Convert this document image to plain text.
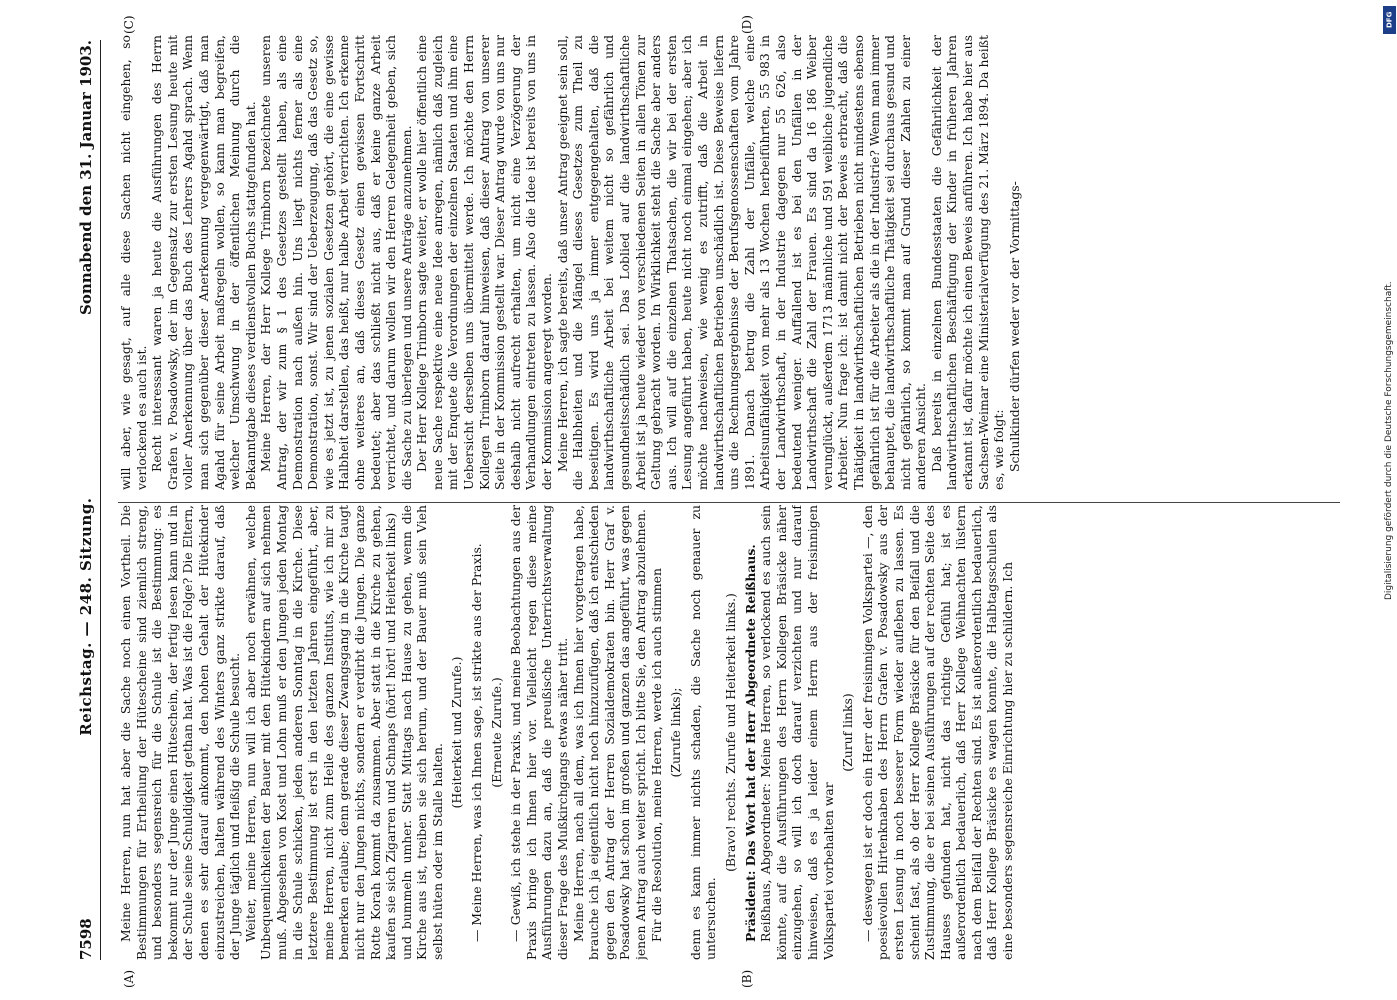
7598
Reichstag. — 248. Sitzung.
Sonnabend den 31. Januar 1903.
(A)	(B)
(C)	(D)

Meine Herren, nun hat aber die Sache noch einen Vortheil. Die Bestimmungen für Ertheilung der Hütescheine sind ziemlich streng, und besonders segensreich für die Schule ist die Bestimmung: es bekommt nur der Junge einen Hüteschein, der fertig lesen kann und in der Schule seine Schuldigkeit gethan hat. Was ist die Folge? Die Eltern, denen es sehr darauf ankommt, den hohen Gehalt der Hütekinder einzustreichen, halten während des Winters ganz strikte darauf, daß der Junge täglich und fleißig die Schule besucht. Weiter, meine Herren, nun will ich aber noch erwähnen, welche Unbequemlichkeiten der Bauer mit den Hütekindern auf sich nehmen muß. Abgesehen von Kost und Lohn muß er den Jungen jeden Montag in die Schule schicken, jeden anderen Sonntag in die Kirche. Diese letztere Bestimmung ist erst in den letzten Jahren eingeführt, aber, meine Herren, nicht zum Heile des ganzen Instituts, wie ich mir zu bemerken erlaube; denn gerade dieser Zwangsgang in die Kirche taugt nicht nur den Jungen nichts, sondern er verdirbt die Jungen. Die ganze Rotte Korah kommt da zusammen. Aber statt in die Kirche zu gehen, kaufen sie sich Zigarren und Schnaps (hört! hört! und Heiterkeit links) und bummeln umher. Statt Mittags nach Hause zu gehen, wenn die Kirche aus ist, treiben sie sich herum, und der Bauer muß sein Vieh selbst hüten oder im Stalle halten.

(Heiterkeit und Zurufe.) — Meine Herren, was ich Ihnen sage, ist strikte aus der Praxis. (Erneute Zurufe.) — Gewiß, ich stehe in der Praxis, und meine Beobachtungen aus der Praxis bringe ich Ihnen hier vor. Vielleicht regen diese meine Ausführungen dazu an, daß die preußische Unterrichtsverwaltung dieser Frage des Mußkirchgangs etwas näher tritt. Meine Herren, nach all dem, was ich Ihnen hier vorgetragen habe, brauche ich ja eigentlich nicht noch hinzuzufügen, daß ich entschieden gegen den Antrag der Herren Sozialdemokraten bin. Herr Graf v. Posadowsky hat schon im großen und ganzen das angeführt, was gegen jenen Antrag auch weiter spricht. Ich bitte Sie, den Antrag abzulehnen. Für die Resolution, meine Herren, werde ich auch stimmen (Zurufe links); denn es kann immer nichts schaden, die Sache noch genauer zu untersuchen.

(Bravo! rechts. Zurufe und Heiterkeit links.) Präsident: Das Wort hat der Herr Abgeordnete Reißhaus. Reißhaus, Abgeordneter: Meine Herren, so verlockend es auch sein könnte, auf die Ausführungen des Herrn Kollegen Bräsicke näher einzugehen, so will ich doch darauf verzichten und nur darauf hinweisen, daß es ja leider einem Herrn aus der freisinnigen Volkspartei vorbehalten war

(Zuruf links) — deswegen ist er doch ein Herr der freisinnigen Volkspartei —, den poesievollen Hirtenknaben des Herrn Grafen v. Posadowsky aus der ersten Lesung in noch besserer Form wieder aufleben zu lassen. Es scheint fast, als ob der Herr Kollege Bräsicke für den Beifall und die Zustimmung, die er bei seinen Ausführungen auf der rechten Seite des Hauses gefunden hat, nicht das richtige Gefühl hat; ist es außerordentlich bedauerlich, daß Herr Kollege Weihnachten lüstern nach dem Beifall der Rechten sind. Es ist außerordentlich bedauerlich, daß Herr Kollege Bräsicke es wagen konnte, die Halbtagsschulen als eine besonders segensreiche Einrichtung hier zu schildern. Ich

will aber, wie gesagt, auf alle diese Sachen nicht eingehen, so verlockend es auch ist. Recht interessant waren ja heute die Ausführungen des Herrn Grafen v. Posadowsky, der im Gegensatz zur ersten Lesung heute mit voller Anerkennung über das Buch des Lehrers Agahd sprach. Wenn man sich gegenüber dieser Anerkennung vergegenwärtigt, daß man Agahd für seine Arbeit maßregeln wollen, so kann man begreifen, welcher Umschwung in der öffentlichen Meinung durch die Bekanntgabe dieses verdienstvollen Buchs stattgefunden hat. Meine Herren, der Herr Kollege Trimborn bezeichnete unseren Antrag, der wir zum § 1 des Gesetzes gestellt haben, als eine Demonstration nach außen hin. Uns liegt nichts ferner als eine Demonstration, sonst. Wir sind der Ueberzeugung, daß das Gesetz so, wie es jetzt ist, zu jenen sozialen Gesetzen gehört, die eine gewisse Halbheit darstellen, das heißt, nur halbe Arbeit verrichten. Ich erkenne ohne weiteres an, daß dieses Gesetz einen gewissen Fortschritt bedeutet; aber das schließt nicht aus, daß er keine ganze Arbeit verrichtet, und darum wollen wir den Herren Gelegenheit geben, sich die Sache zu überlegen und unsere Anträge anzunehmen. Der Herr Kollege Trimborn sagte weiter, er wolle hier öffentlich eine neue Sache respektive eine neue Idee anregen, nämlich daß zugleich mit der Enquete die Verordnungen der einzelnen Staaten und ihm eine Uebersicht derselben uns übermittelt werde. Ich möchte den Herrn Kollegen Trimborn darauf hinweisen, daß dieser Antrag von unserer Seite in der Kommission gestellt war. Dieser Antrag wurde von uns nur deshalb nicht aufrecht erhalten, um nicht eine Verzögerung der Verhandlungen eintreten zu lassen. Also die Idee ist bereits von uns in der Kommission angeregt worden. Meine Herren, ich sagte bereits, daß unser Antrag geeignet sein soll, die Halbheiten und die Mängel dieses Gesetzes zum Theil zu beseitigen. Es wird uns ja immer entgegengehalten, daß die landwirthschaftliche Arbeit bei weitem nicht so gefährlich und gesundheitsschädlich sei. Das Loblied auf die landwirthschaftliche Arbeit ist ja heute wieder von verschiedenen Seiten in allen Tönen zur Geltung gebracht worden. In Wirklichkeit steht die Sache aber anders aus. Ich will auf die einzelnen Thatsachen, die wir bei der ersten Lesung angeführt haben, heute nicht noch einmal eingehen; aber ich möchte nachweisen, wie wenig es zutrifft, daß die Arbeit in landwirthschaftlichen Betrieben unschädlich ist. Diese Beweise liefern uns die Rechnungsergebnisse der Berufsgenossenschaften vom Jahre 1891. Danach betrug die Zahl der Unfälle, welche eine Arbeitsunfähigkeit von mehr als 13 Wochen herbeiführten, 55 983 in der Landwirthschaft, in der Industrie dagegen nur 55 626, also bedeutend weniger. Auffallend ist es bei den Unfällen in der Landwirthschaft die Zahl der Frauen. Es sind da 16 186 Weiber verunglückt, außerdem 1713 männliche und 591 weibliche jugendliche Arbeiter. Nun frage ich: ist damit nicht der Beweis erbracht, daß die Thätigkeit in landwirthschaftlichen Betrieben nicht mindestens ebenso gefährlich ist für die Arbeiter als die in der Industrie? Wenn man immer behauptet, die landwirthschaftliche Thätigkeit sei durchaus gesund und nicht gefährlich, so kommt man auf Grund dieser Zahlen zu einer anderen Ansicht. Daß bereits in einzelnen Bundesstaaten die Gefährlichkeit der landwirthschaftlichen Beschäftigung der Kinder in früheren Jahren erkannt ist, dafür möchte ich einen Beweis anführen. Ich habe hier aus Sachsen-Weimar eine Ministerialverfügung des 21. März 1894. Da heißt es, wie folgt: Schulkinder dürfen weder vor der Vormittags-

DFG
Digitalisierung gefördert durch die Deutsche Forschungsgemeinschaft.
